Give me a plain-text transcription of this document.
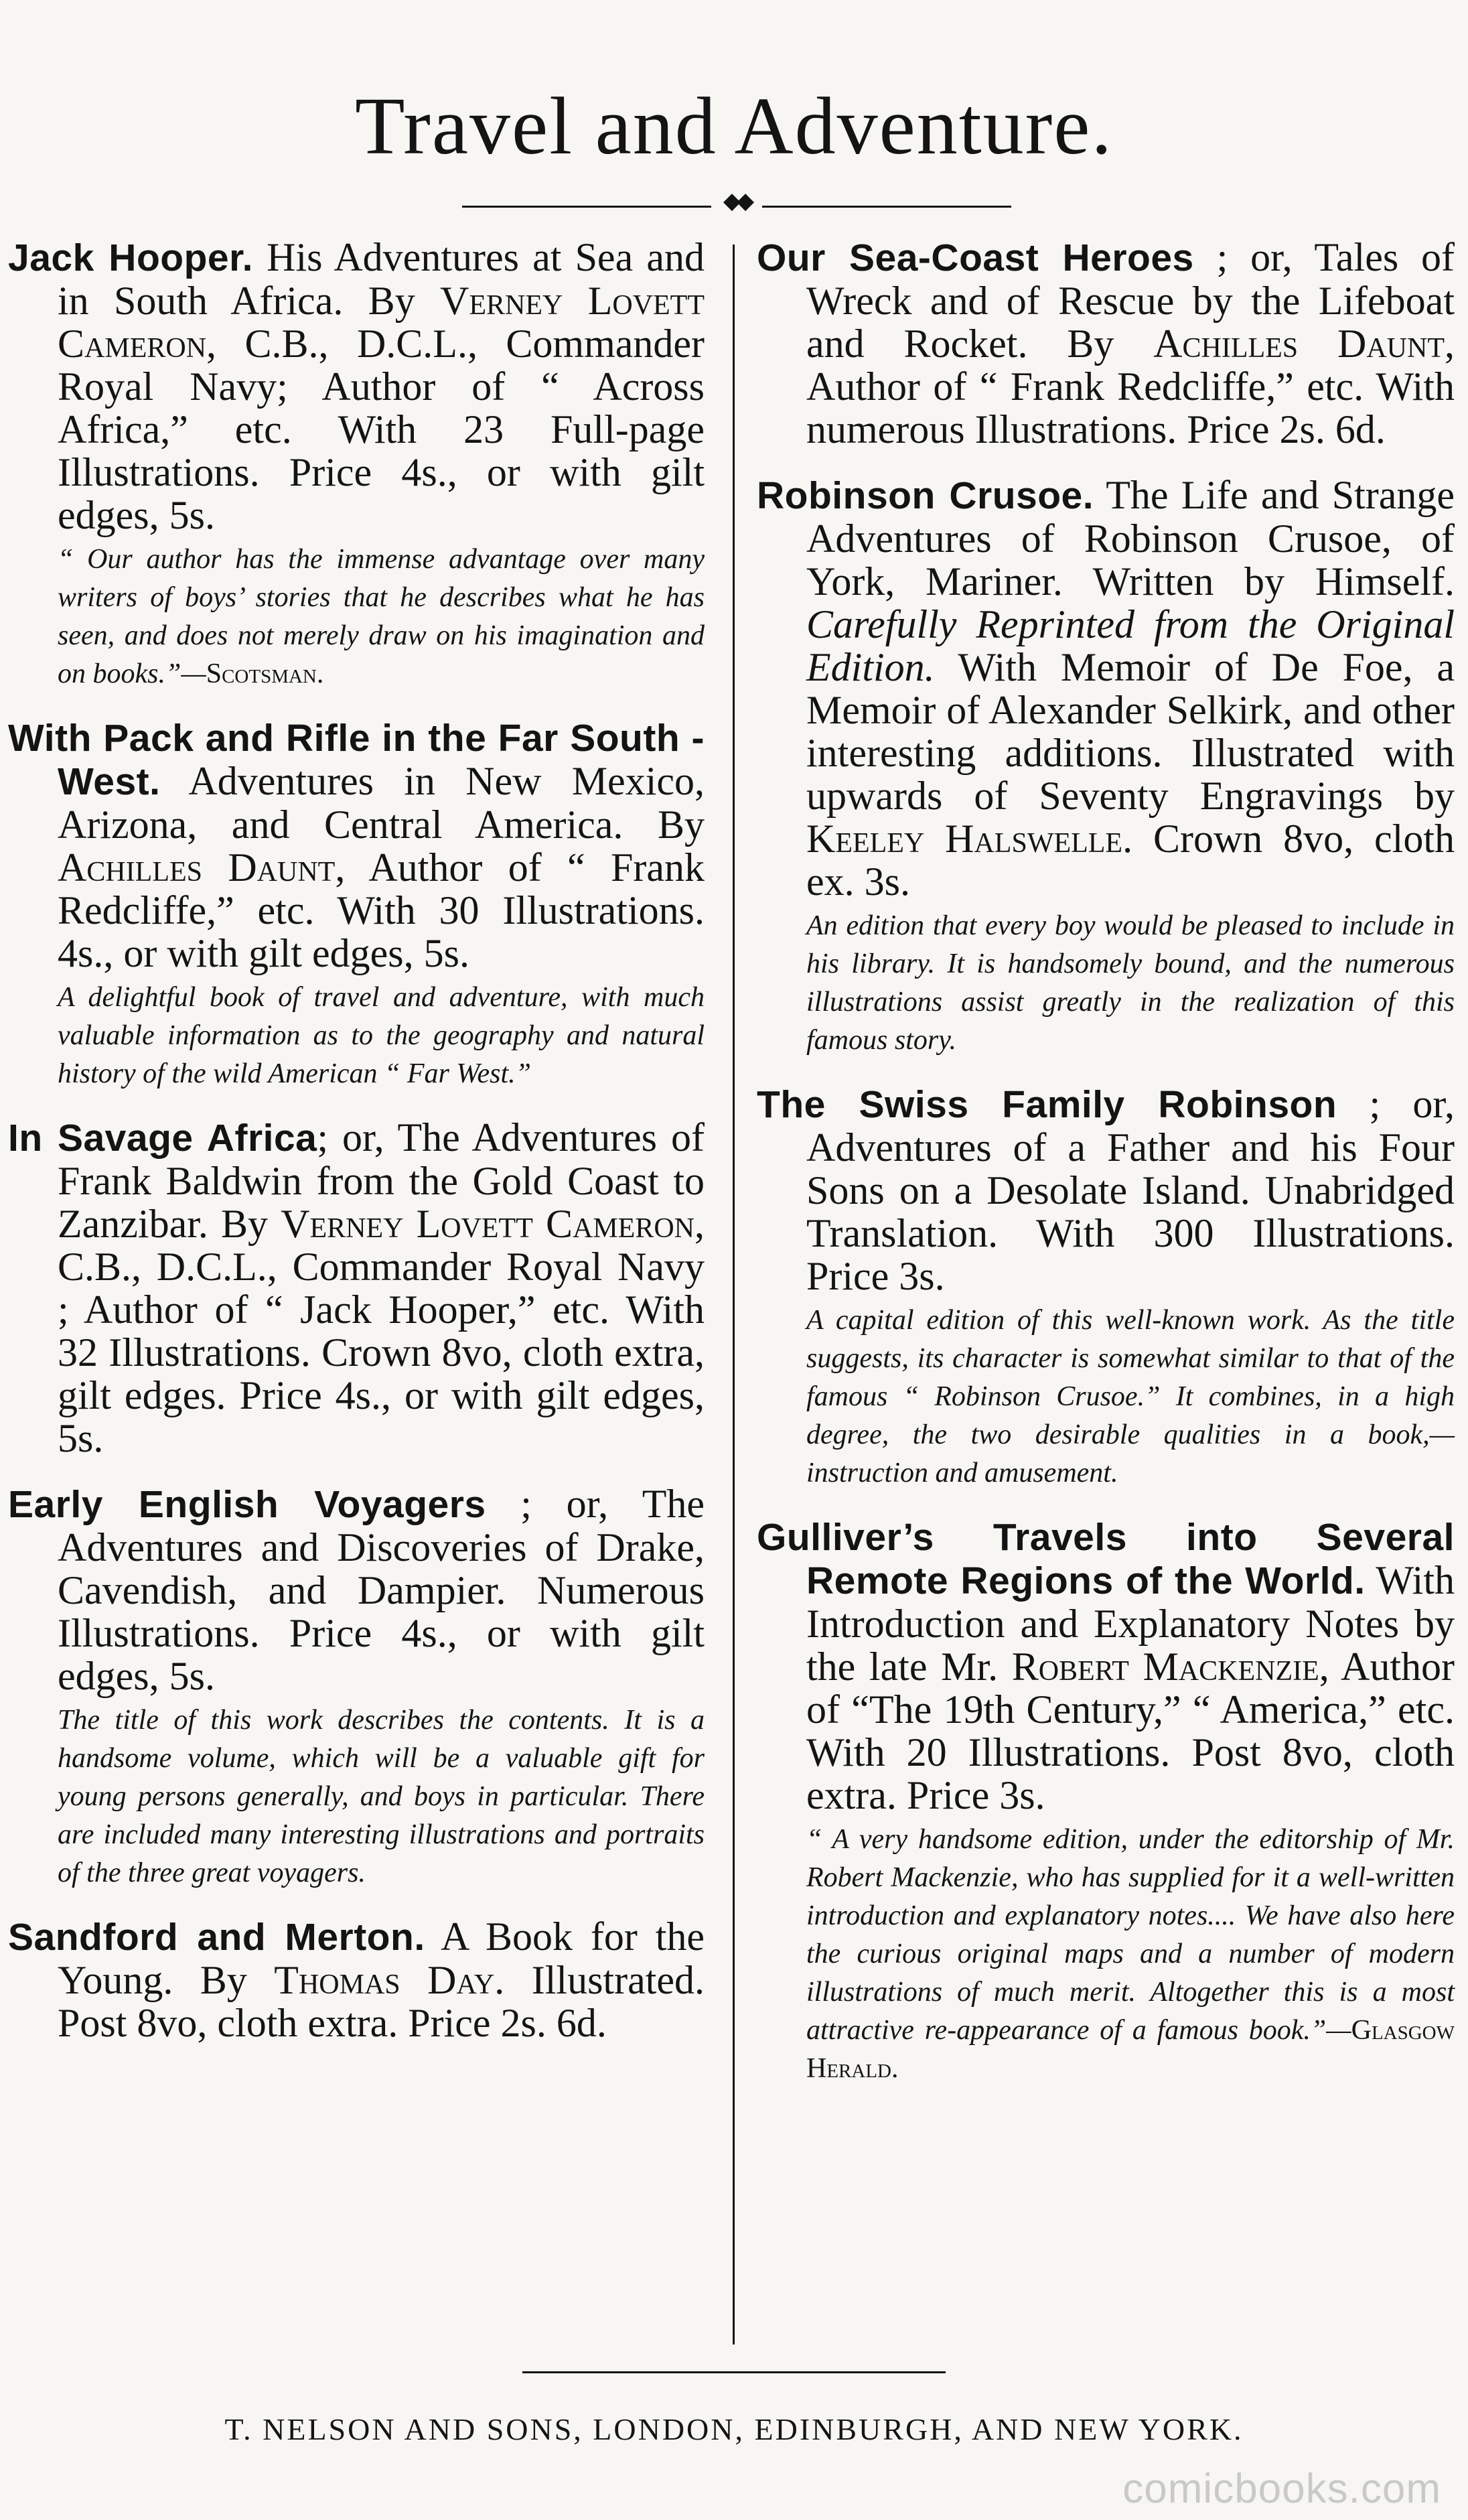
Travel and Adventure.
◆◆
Jack Hooper. His Adventures at Sea and in South Africa. By Verney Lovett Cameron, C.B., D.C.L., Commander Royal Navy; Author of “ Across Africa,” etc. With 23 Full-page Illustrations. Price 4s., or with gilt edges, 5s.
“ Our author has the immense advantage over many writers of boys’ stories that he describes what he has seen, and does not merely draw on his imagination and on books.”—Scotsman.
With Pack and Rifle in the Far South - West. Adventures in New Mexico, Arizona, and Central America. By Achilles Daunt, Author of “ Frank Redcliffe,” etc. With 30 Illustrations. 4s., or with gilt edges, 5s.
A delightful book of travel and adventure, with much valuable information as to the geography and natural history of the wild American “ Far West.”
In Savage Africa; or, The Adventures of Frank Baldwin from the Gold Coast to Zanzibar. By Verney Lovett Cameron, C.B., D.C.L., Commander Royal Navy ; Author of “ Jack Hooper,” etc. With 32 Illustrations. Crown 8vo, cloth extra, gilt edges. Price 4s., or with gilt edges, 5s.
Early English Voyagers ; or, The Adventures and Discoveries of Drake, Cavendish, and Dampier. Numerous Illustrations. Price 4s., or with gilt edges, 5s.
The title of this work describes the contents. It is a handsome volume, which will be a valuable gift for young persons generally, and boys in particular. There are included many interesting illustrations and portraits of the three great voyagers.
Sandford and Merton. A Book for the Young. By Thomas Day. Illustrated. Post 8vo, cloth extra. Price 2s. 6d.
Our Sea-Coast Heroes ; or, Tales of Wreck and of Rescue by the Lifeboat and Rocket. By Achilles Daunt, Author of “ Frank Redcliffe,” etc. With numerous Illustrations. Price 2s. 6d.
Robinson Crusoe. The Life and Strange Adventures of Robinson Crusoe, of York, Mariner. Written by Himself. Carefully Reprinted from the Original Edition. With Memoir of De Foe, a Memoir of Alexander Selkirk, and other interesting additions. Illustrated with upwards of Seventy Engravings by Keeley Halswelle. Crown 8vo, cloth ex. 3s.
An edition that every boy would be pleased to include in his library. It is handsomely bound, and the numerous illustrations assist greatly in the realization of this famous story.
The Swiss Family Robinson ; or, Adventures of a Father and his Four Sons on a Desolate Island. Unabridged Translation. With 300 Illustrations. Price 3s.
A capital edition of this well-known work. As the title suggests, its character is somewhat similar to that of the famous “ Robinson Crusoe.” It combines, in a high degree, the two desirable qualities in a book,—instruction and amusement.
Gulliver’s Travels into Several Remote Regions of the World. With Introduction and Explanatory Notes by the late Mr. Robert Mackenzie, Author of “The 19th Century,” “ America,” etc. With 20 Illustrations. Post 8vo, cloth extra. Price 3s.
“ A very handsome edition, under the editorship of Mr. Robert Mackenzie, who has supplied for it a well-written introduction and explanatory notes.... We have also here the curious original maps and a number of modern illustrations of much merit. Altogether this is a most attractive re-appearance of a famous book.”—Glasgow Herald.
T. NELSON AND SONS, LONDON, EDINBURGH, AND NEW YORK.
comicbooks.com
